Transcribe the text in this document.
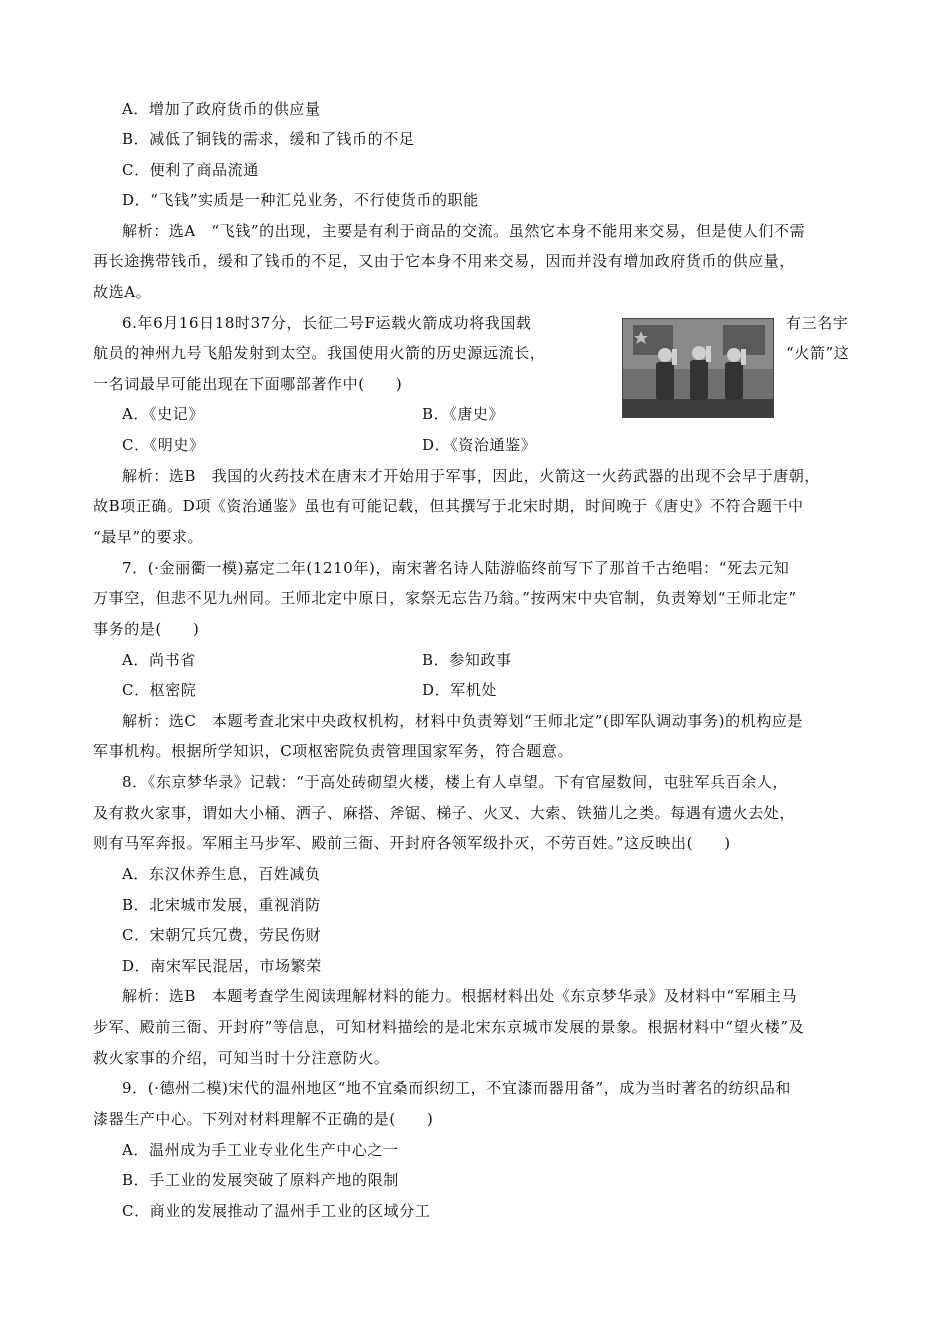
A．增加了政府货币的供应量
B．减低了铜钱的需求，缓和了钱币的不足
C．便利了商品流通
D．“飞钱”实质是一种汇兑业务，不行使货币的职能
解析：选A　“飞钱”的出现，主要是有利于商品的交流。虽然它本身不能用来交易，但是使人们不需
再长途携带钱币，缓和了钱币的不足，又由于它本身不用来交易，因而并没有增加政府货币的供应量，
故选A。
6.年6月16日18时37分，长征二号F运载火箭成功将我国载
航员的神州九号飞船发射到太空。我国使用火箭的历史源远流长，
一名词最早可能出现在下面哪部著作中(　　)
有三名宇
“火箭”这
A．《史记》	B．《唐史》
C．《明史》	D．《资治通鉴》
解析：选B　我国的火药技术在唐末才开始用于军事，因此，火箭这一火药武器的出现不会早于唐朝，
故B项正确。D项《资治通鉴》虽也有可能记载，但其撰写于北宋时期，时间晚于《唐史》不符合题干中
“最早”的要求。
7．(·金丽衢一模)嘉定二年(1210年)，南宋著名诗人陆游临终前写下了那首千古绝唱：“死去元知
万事空，但悲不见九州同。王师北定中原日，家祭无忘告乃翁。”按两宋中央官制，负责筹划“王师北定”
事务的是(　　)
A．尚书省	B．参知政事
C．枢密院	D．军机处
解析：选C　本题考查北宋中央政权机构，材料中负责筹划“王师北定”(即军队调动事务)的机构应是
军事机构。根据所学知识，C项枢密院负责管理国家军务，符合题意。
8．《东京梦华录》记载：“于高处砖砌望火楼，楼上有人卓望。下有官屋数间，屯驻军兵百余人，
及有救火家事，谓如大小桶、洒子、麻搭、斧锯、梯子、火叉、大索、铁猫儿之类。每遇有遗火去处，
则有马军奔报。军厢主马步军、殿前三衙、开封府各领军级扑灭，不劳百姓。”这反映出(　　)
A．东汉休养生息，百姓减负
B．北宋城市发展，重视消防
C．宋朝冗兵冗费，劳民伤财
D．南宋军民混居，市场繁荣
解析：选B　本题考查学生阅读理解材料的能力。根据材料出处《东京梦华录》及材料中“军厢主马
步军、殿前三衙、开封府”等信息，可知材料描绘的是北宋东京城市发展的景象。根据材料中“望火楼”及
救火家事的介绍，可知当时十分注意防火。
9．(·德州二模)宋代的温州地区“地不宜桑而织纫工，不宜漆而器用备”，成为当时著名的纺织品和
漆器生产中心。下列对材料理解不正确的是(　　)
A．温州成为手工业专业化生产中心之一
B．手工业的发展突破了原料产地的限制
C．商业的发展推动了温州手工业的区域分工
